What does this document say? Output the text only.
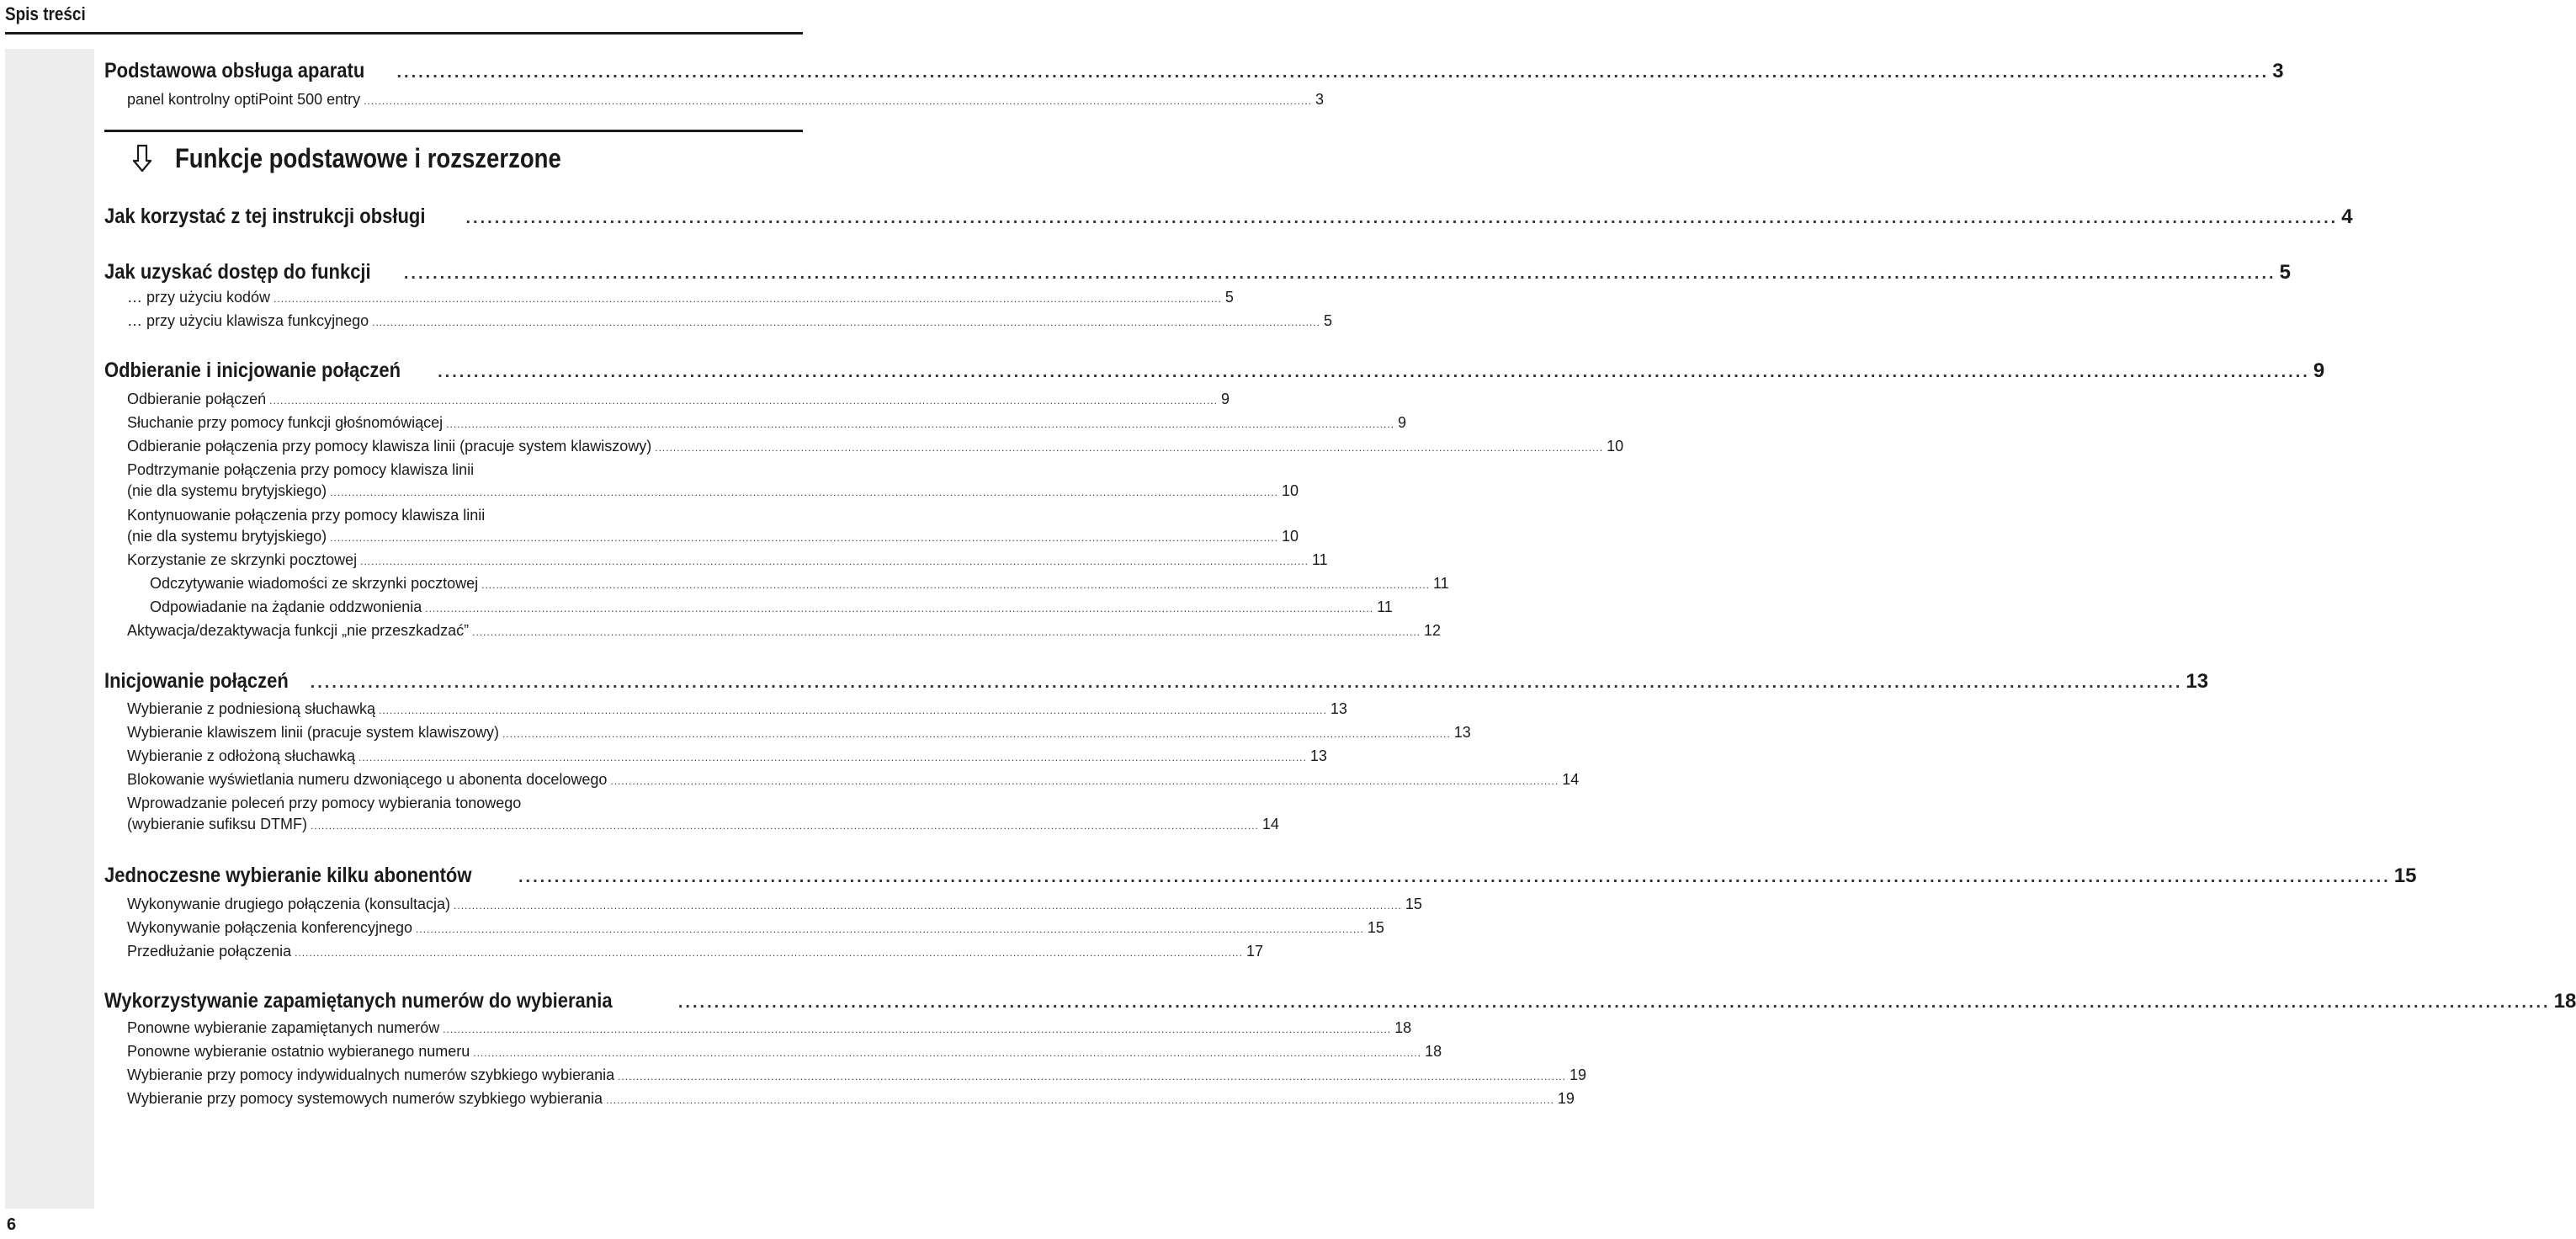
Spis treści
6
Podstawowa obsługa aparatu .................................................................................................................................................................................................................................................................... 3
panel kontrolny optiPoint 500 entry .................................................................................................................................................................................................................................................................... 3
Funkcje podstawowe i rozszerzone
Jak korzystać z tej instrukcji obsługi .................................................................................................................................................................................................................................................................... 4
Jak uzyskać dostęp do funkcji .................................................................................................................................................................................................................................................................... 5
… przy użyciu kodów .................................................................................................................................................................................................................................................................... 5
… przy użyciu klawisza funkcyjnego .................................................................................................................................................................................................................................................................... 5
Odbieranie i inicjowanie połączeń .................................................................................................................................................................................................................................................................... 9
Odbieranie połączeń .................................................................................................................................................................................................................................................................... 9
Słuchanie przy pomocy funkcji głośnomówiącej .................................................................................................................................................................................................................................................................... 9
Odbieranie połączenia przy pomocy klawisza linii (pracuje system klawiszowy) .................................................................................................................................................................................................................................................................... 10
Podtrzymanie połączenia przy pomocy klawisza linii
(nie dla systemu brytyjskiego) .................................................................................................................................................................................................................................................................... 10
Kontynuowanie połączenia przy pomocy klawisza linii
(nie dla systemu brytyjskiego) .................................................................................................................................................................................................................................................................... 10
Korzystanie ze skrzynki pocztowej .................................................................................................................................................................................................................................................................... 11
Odczytywanie wiadomości ze skrzynki pocztowej .................................................................................................................................................................................................................................................................... 11
Odpowiadanie na żądanie oddzwonienia .................................................................................................................................................................................................................................................................... 11
Aktywacja/dezaktywacja funkcji „nie przeszkadzać” .................................................................................................................................................................................................................................................................... 12
Inicjowanie połączeń .................................................................................................................................................................................................................................................................... 13
Wybieranie z podniesioną słuchawką .................................................................................................................................................................................................................................................................... 13
Wybieranie klawiszem linii (pracuje system klawiszowy) .................................................................................................................................................................................................................................................................... 13
Wybieranie z odłożoną słuchawką .................................................................................................................................................................................................................................................................... 13
Blokowanie wyświetlania numeru dzwoniącego u abonenta docelowego .................................................................................................................................................................................................................................................................... 14
Wprowadzanie poleceń przy pomocy wybierania tonowego
(wybieranie sufiksu DTMF) .................................................................................................................................................................................................................................................................... 14
Jednoczesne wybieranie kilku abonentów	.................................................................................................................................................................................................................................................................... 15
Wykonywanie drugiego połączenia (konsultacja) .................................................................................................................................................................................................................................................................... 15
Wykonywanie połączenia konferencyjnego .................................................................................................................................................................................................................................................................... 15
Przedłużanie połączenia .................................................................................................................................................................................................................................................................... 17
Wykorzystywanie zapamiętanych numerów do wybierania	.................................................................................................................................................................................................................................................................... 18
Ponowne wybieranie zapamiętanych numerów .................................................................................................................................................................................................................................................................... 18
Ponowne wybieranie ostatnio wybieranego numeru .................................................................................................................................................................................................................................................................... 18
Wybieranie przy pomocy indywidualnych numerów szybkiego wybierania .................................................................................................................................................................................................................................................................... 19
Wybieranie przy pomocy systemowych numerów szybkiego wybierania .................................................................................................................................................................................................................................................................... 19
